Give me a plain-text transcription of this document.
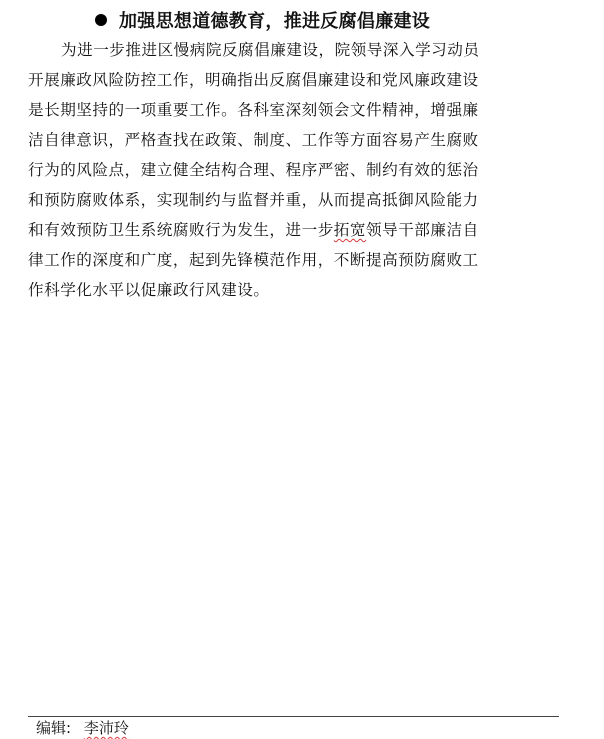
加强思想道德教育，推进反腐倡廉建设
为进一步推进区慢病院反腐倡廉建设，院领导深入学习动员
开展廉政风险防控工作，明确指出反腐倡廉建设和党风廉政建设
是长期坚持的一项重要工作。各科室深刻领会文件精神，增强廉
洁自律意识，严格查找在政策、制度、工作等方面容易产生腐败
行为的风险点，建立健全结构合理、程序严密、制约有效的惩治
和预防腐败体系，实现制约与监督并重，从而提高抵御风险能力
和有效预防卫生系统腐败行为发生，进一步拓宽领导干部廉洁自
律工作的深度和广度，起到先锋模范作用，不断提高预防腐败工
作科学化水平以促廉政行风建设。
编辑: 李沛玲
